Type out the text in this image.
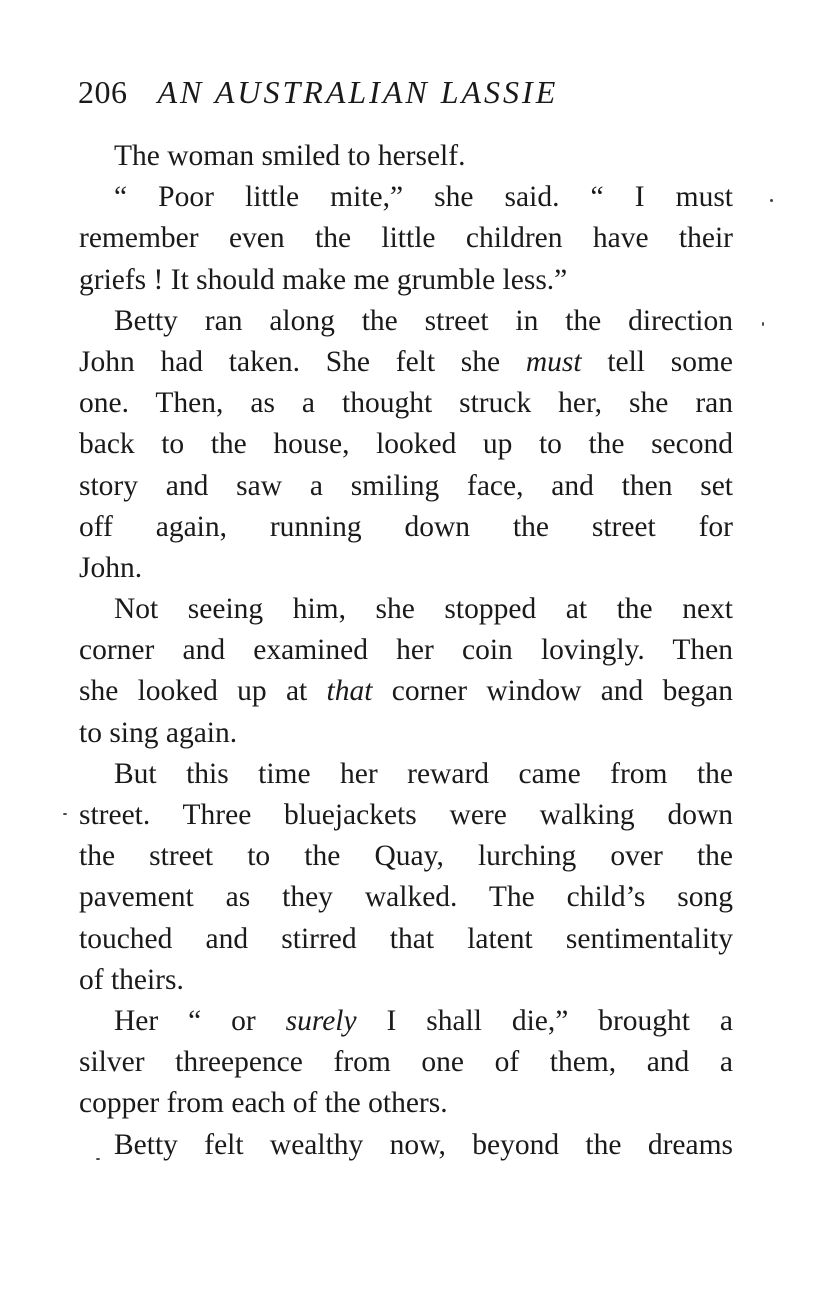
206 AN AUSTRALIAN LASSIE
The woman smiled to herself.
“ Poor little mite,” she said. “ I must
remember even the little children have their
griefs ! It should make me grumble less.”
Betty ran along the street in the direction
John had taken. She felt she must tell some
one. Then, as a thought struck her, she ran
back to the house, looked up to the second
story and saw a smiling face, and then set
off again, running down the street for
John.
Not seeing him, she stopped at the next
corner and examined her coin lovingly. Then
she looked up at that corner window and began
to sing again.
But this time her reward came from the
street. Three bluejackets were walking down
the street to the Quay, lurching over the
pavement as they walked. The child’s song
touched and stirred that latent sentimentality
of theirs.
Her “ or surely I shall die,” brought a
silver threepence from one of them, and a
copper from each of the others.
Betty felt wealthy now, beyond the dreams
